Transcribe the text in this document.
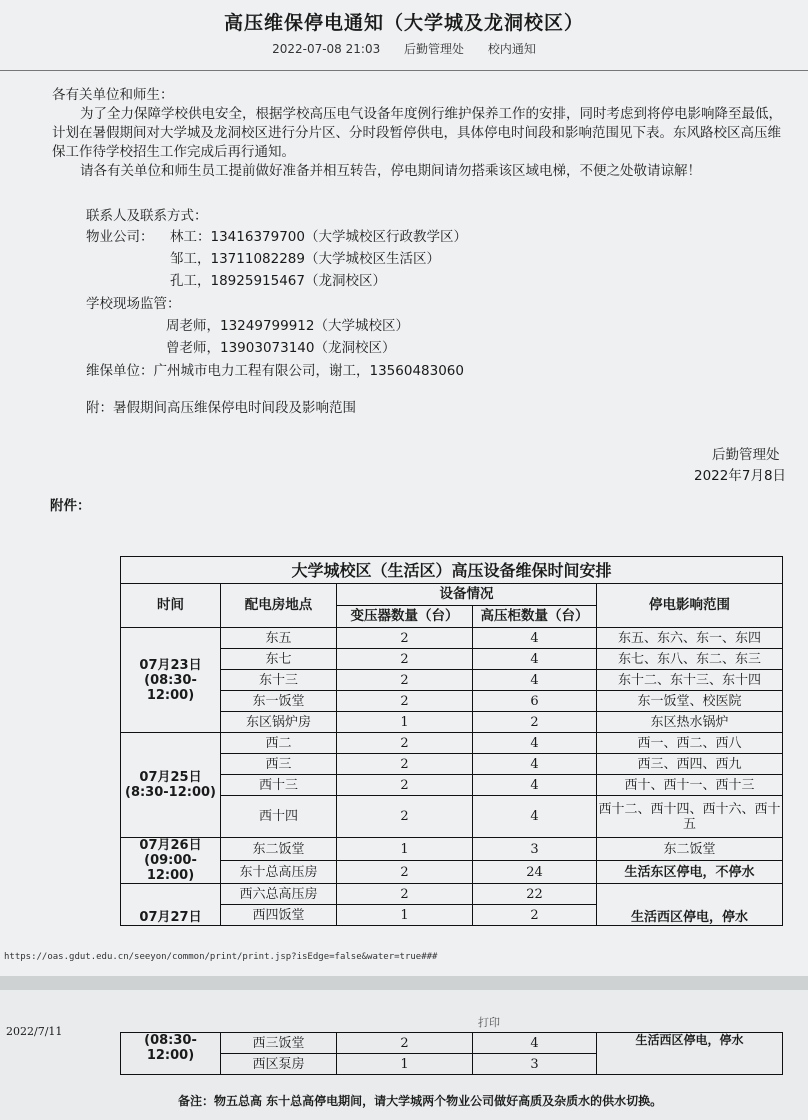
高压维保停电通知（大学城及龙洞校区）
2022-07-08 21:03 后勤管理处 校内通知
各有关单位和师生：
为了全力保障学校供电安全，根据学校高压电气设备年度例行维护保养工作的安排，同时考虑到将停电影响降至最低，计划在暑假期间对大学城及龙洞校区进行分片区、分时段暂停供电，具体停电时间段和影响范围见下表。东风路校区高压维保工作待学校招生工作完成后再行通知。
请各有关单位和师生员工提前做好准备并相互转告，停电期间请勿搭乘该区域电梯，不便之处敬请谅解！
联系人及联系方式：
物业公司： 林工：13416379700（大学城校区行政教学区）
邹工，13711082289（大学城校区生活区）
孔工，18925915467（龙洞校区）
学校现场监管：
周老师，13249799912（大学城校区）
曾老师，13903073140（龙洞校区）
维保单位：广州城市电力工程有限公司，谢工，13560483060
附：暑假期间高压维保停电时间段及影响范围
后勤管理处
2022年7月8日
附件：
大学城校区（生活区）高压设备维保时间安排				
时间	配电房地点	设备情况		停电影响范围
		变压器数量（台）	高压柜数量（台）	
07月23日
(08:30-12:00)	东五	2	4	东五、东六、东一、东四
	东七	2	4	东七、东八、东二、东三
	东十三	2	4	东十二、东十三、东十四
	东一饭堂	2	6	东一饭堂、校医院
	东区锅炉房	1	2	东区热水锅炉
07月25日
(8:30-12:00)	西二	2	4	西一、西二、西八
	西三	2	4	西三、西四、西九
	西十三	2	4	西十、西十一、西十三
	西十四	2	4	西十二、西十四、西十六、西十五
07月26日
(09:00-12:00)	东二饭堂	1	3	东二饭堂
	东十总高压房	2	24	生活东区停电，不停水
07月27日	西六总高压房	2	22	生活西区停电，停水
	西四饭堂	1	2	
https://oas.gdut.edu.cn/seeyon/common/print/print.jsp?isEdge=false&water=true###
打印
2022/7/11
(08:30-12:00)	西三饭堂	2	4	生活西区停电，停水
	西区泵房	1	3	
备注：物五总高 东十总高停电期间，请大学城两个物业公司做好高质及杂质水的供水切换。
